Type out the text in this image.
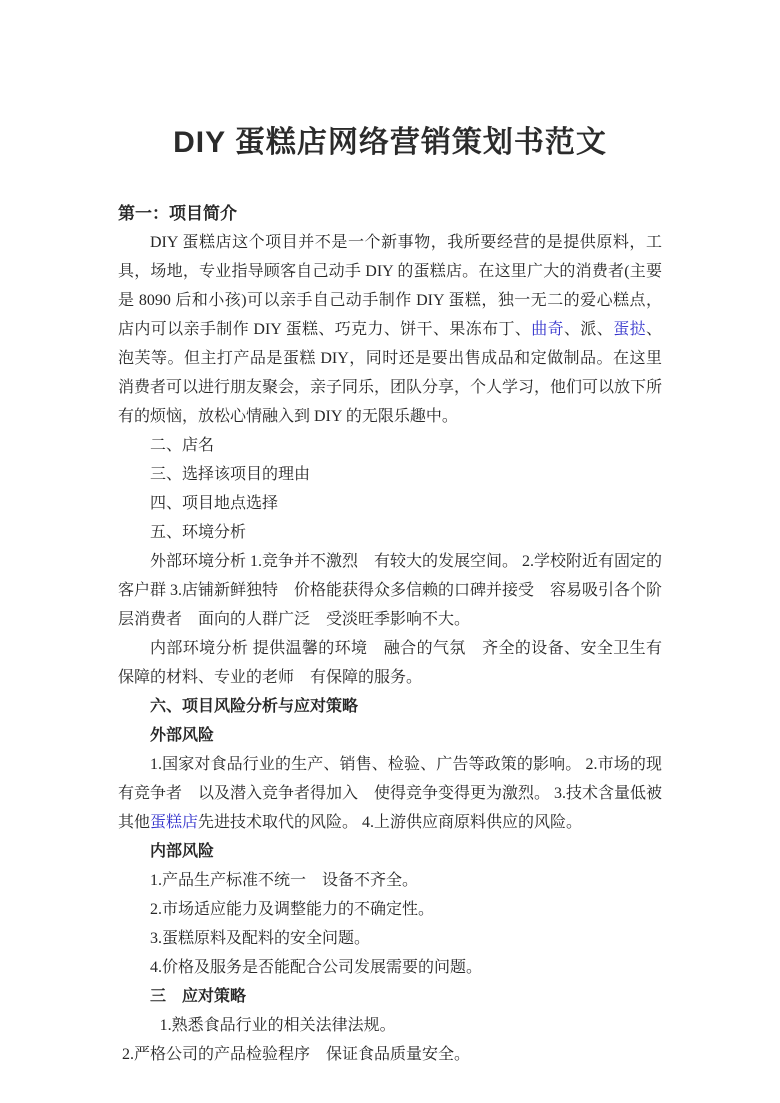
DIY 蛋糕店网络营销策划书范文
第一：项目简介

DIY 蛋糕店这个项目并不是一个新事物，我所要经营的是提供原料，工具，场地，专业指导顾客自己动手 DIY 的蛋糕店。在这里广大的消费者(主要是 8090 后和小孩)可以亲手自己动手制作 DIY 蛋糕，独一无二的爱心糕点，店内可以亲手制作 DIY 蛋糕、巧克力、饼干、果冻布丁、曲奇、派、蛋挞、泡芙等。但主打产品是蛋糕 DIY，同时还是要出售成品和定做制品。在这里消费者可以进行朋友聚会，亲子同乐，团队分享，个人学习，他们可以放下所有的烦恼，放松心情融入到 DIY 的无限乐趣中。

二、店名

三、选择该项目的理由

四、项目地点选择

五、环境分析

外部环境分析 1.竞争并不激烈　有较大的发展空间。 2.学校附近有固定的客户群 3.店铺新鲜独特　价格能获得众多信赖的口碑并接受　容易吸引各个阶层消费者　面向的人群广泛　受淡旺季影响不大。

内部环境分析 提供温馨的环境　融合的气氛　齐全的设备、安全卫生有保障的材料、专业的老师　有保障的服务。

六、项目风险分析与应对策略

外部风险

1.国家对食品行业的生产、销售、检验、广告等政策的影响。 2.市场的现有竞争者　以及潜入竞争者得加入　使得竞争变得更为激烈。 3.技术含量低被其他蛋糕店先进技术取代的风险。 4.上游供应商原料供应的风险。

内部风险

1.产品生产标准不统一　设备不齐全。

2.市场适应能力及调整能力的不确定性。

3.蛋糕原料及配料的安全问题。

4.价格及服务是否能配合公司发展需要的问题。

三　应对策略

1.熟悉食品行业的相关法律法规。

2.严格公司的产品检验程序　保证食品质量安全。
